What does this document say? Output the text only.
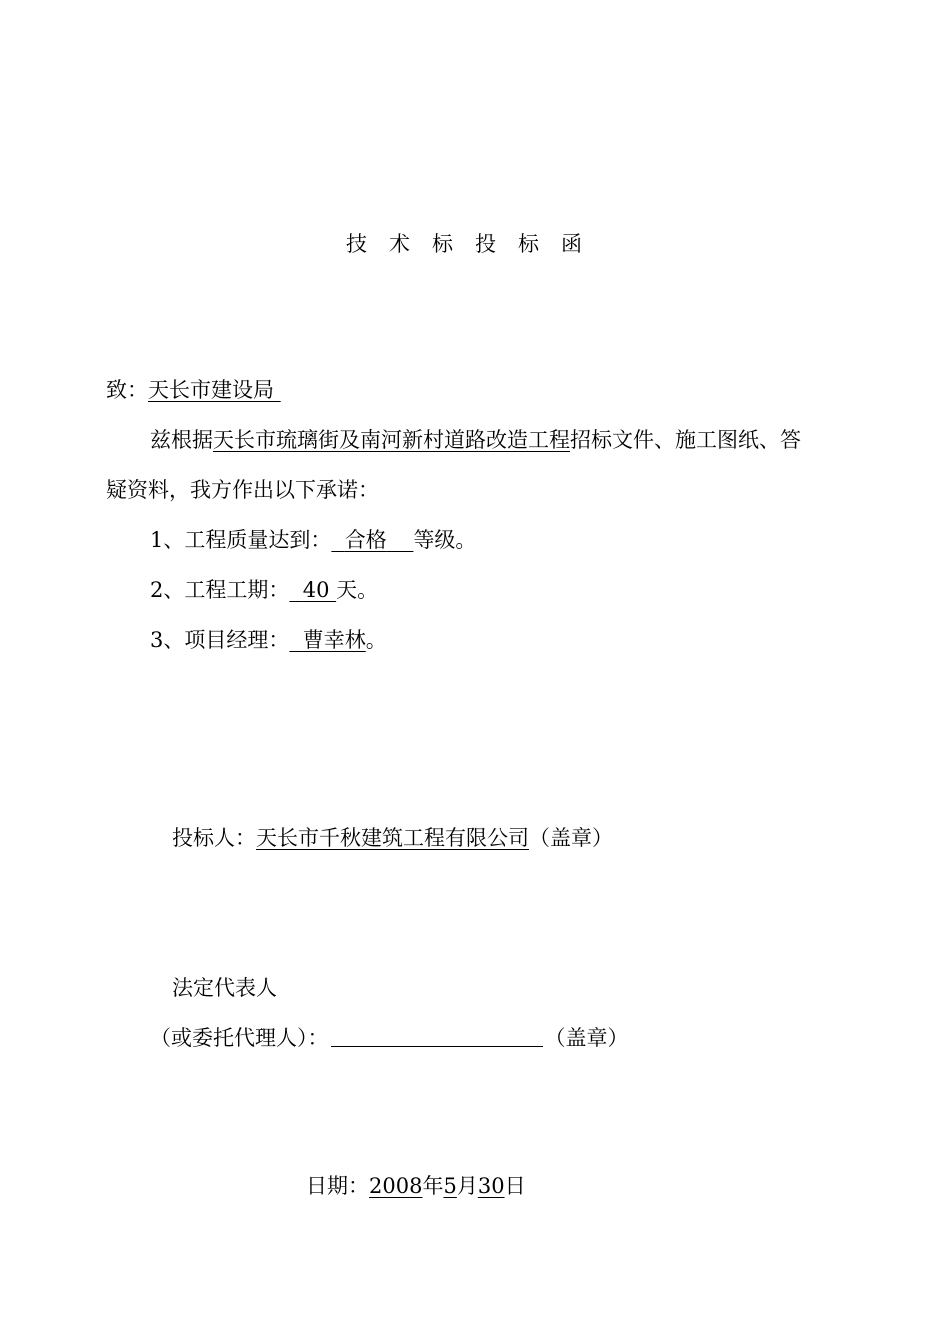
技术标投标函
致：天长市建设局
兹根据天长市琉璃街及南河新村道路改造工程招标文件、施工图纸、答
疑资料，我方作出以下承诺：
1、工程质量达到： 合格 等级。
2、工程工期： 40 天。
3、项目经理： 曹幸林。
投标人：天长市千秋建筑工程有限公司（盖章）
法定代表人
（或委托代理人）：	（盖章）
日期：2008年5月30日
